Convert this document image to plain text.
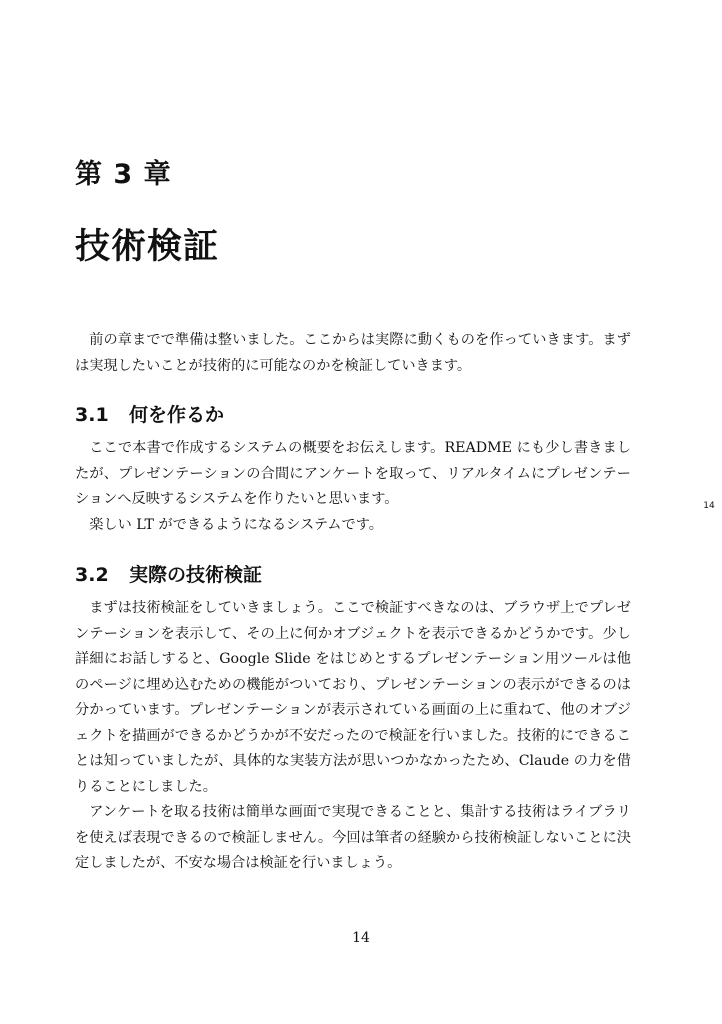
第 3 章
技術検証

前の章までで準備は整いました。ここからは実際に動くものを作っていきます。まずは実現したいことが技術的に可能なのかを検証していきます。

3.1 何を作るか

ここで本書で作成するシステムの概要をお伝えします。README にも少し書きましたが、プレゼンテーションの合間にアンケートを取って、リアルタイムにプレゼンテーションへ反映するシステムを作りたいと思います。

楽しい LT ができるようになるシステムです。

3.2 実際の技術検証

まずは技術検証をしていきましょう。ここで検証すべきなのは、ブラウザ上でプレゼンテーションを表示して、その上に何かオブジェクトを表示できるかどうかです。少し詳細にお話しすると、Google Slide をはじめとするプレゼンテーション用ツールは他のページに埋め込むための機能がついており、プレゼンテーションの表示ができるのは分かっています。プレゼンテーションが表示されている画面の上に重ねて、他のオブジェクトを描画ができるかどうかが不安だったので検証を行いました。技術的にできることは知っていましたが、具体的な実装方法が思いつかなかったため、Claude の力を借りることにしました。

アンケートを取る技術は簡単な画面で実現できることと、集計する技術はライブラリを使えば表現できるので検証しません。今回は筆者の経験から技術検証しないことに決定しましたが、不安な場合は検証を行いましょう。

14
14
